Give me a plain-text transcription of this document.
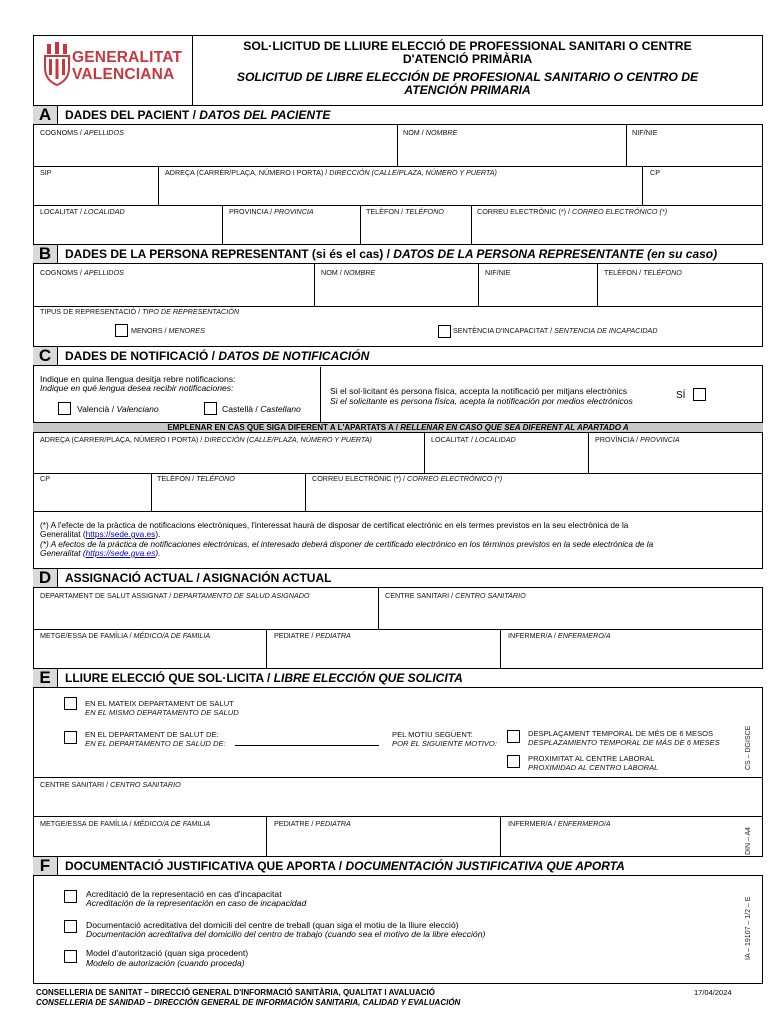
GENERALITAT
VALENCIANA
SOL·LICITUD DE LLIURE ELECCIÓ DE PROFESSIONAL SANITARI O CENTRE
D'ATENCIÓ PRIMÀRIA
SOLICITUD DE LIBRE ELECCIÓN DE PROFESIONAL SANITARIO O CENTRO DE
ATENCIÓN PRIMARIA
A	DADES DEL PACIENT / DATOS DEL PACIENTE
COGNOMS / APELLIDOS	NOM / NOMBRE	NIF/NIE
SIP	ADREÇA (CARRER/PLAÇA, NÚMERO I PORTA) / DIRECCIÓN (CALLE/PLAZA, NÚMERO Y PUERTA)	CP
LOCALITAT / LOCALIDAD	PROVINCIA / PROVINCIA	TELÈFON / TELÉFONO	CORREU ELECTRÒNIC (*) / CORREO ELECTRÓNICO (*)
B	DADES DE LA PERSONA REPRESENTANT (si és el cas) / DATOS DE LA PERSONA REPRESENTANTE (en su caso)
COGNOMS / APELLIDOS	NOM / NOMBRE	NIF/NIE	TELÈFON / TELÉFONO
TIPUS DE REPRESENTACIÓ / TIPO DE REPRESENTACIÓN
MENORS / MENORES	SENTÈNCIA D'INCAPACITAT / SENTENCIA DE INCAPACIDAD
C	DADES DE NOTIFICACIÓ / DATOS DE NOTIFICACIÓN
Indique en quina llengua desitja rebre notificacions:
Indique en qué lengua desea recibir notificaciones:
Valencià / Valenciano	Castellà / Castellano
Si el sol·licitant és persona física, accepta la notificació per mitjans electrònics
Si el solicitante es persona física, acepta la notificación por medios electrónicos	SÍ
EMPLENAR EN CAS QUE SIGA DIFERENT A L'APARTATS A / RELLENAR EN CASO QUE SEA DIFERENT AL APARTADO A
ADREÇA (CARRER/PLAÇA, NÚMERO I PORTA) / DIRECCIÓN (CALLE/PLAZA, NÚMERO Y PUERTA)	LOCALITAT / LOCALIDAD	PROVÍNCIA / PROVINCIA
CP	TELÈFON / TELÉFONO	CORREU ELECTRÒNIC (*) / CORREO ELECTRÓNICO (*)
(*) A l'efecte de la pràctica de notificacions electròniques, l'interessat haurà de disposar de certificat electrònic en els termes previstos en la seu electrònica de la
Generalitat (https://sede.gva.es).
(*) A efectos de la práctica de notificaciones electrónicas, el interesado deberá disponer de certificado electrónico en los términos previstos en la sede electrónica de la
Generalitat (https://sede.gva.es).
D	ASSIGNACIÓ ACTUAL / ASIGNACIÓN ACTUAL
DEPARTAMENT DE SALUT ASSIGNAT / DEPARTAMENTO DE SALUD ASIGNADO	CENTRE SANITARI / CENTRO SANITARIO
METGE/ESSA DE FAMÍLIA / MÉDICO/A DE FAMILIA	PEDIATRE / PEDIATRA	INFERMER/A / ENFERMERO/A
E	LLIURE ELECCIÓ QUE SOL·LICITA / LIBRE ELECCIÓN QUE SOLICITA
EN EL MATEIX DEPARTAMENT DE SALUT
EN EL MISMO DEPARTAMENTO DE SALUD
EN EL DEPARTAMENT DE SALUT DE:
EN EL DEPARTAMENTO DE SALUD DE:
PEL MOTIU SEGÜENT:
POR EL SIGUIENTE MOTIVO:
DESPLAÇAMENT TEMPORAL DE MÉS DE 6 MESOS
DESPLAZAMIENTO TEMPORAL DE MÁS DE 6 MESES
PROXIMITAT AL CENTRE LABORAL
PROXIMIDAD AL CENTRO LABORAL
CENTRE SANITARI / CENTRO SANITARIO
METGE/ESSA DE FAMÍLIA / MÉDICO/A DE FAMILIA	PEDIATRE / PEDIATRA	INFERMER/A / ENFERMERO/A
F	DOCUMENTACIÓ JUSTIFICATIVA QUE APORTA / DOCUMENTACIÓN JUSTIFICATIVA QUE APORTA
Acreditació de la representació en cas d'incapacitat
Acreditación de la representación en caso de incapacidad
Documentació acreditativa del domicili del centre de treball (quan siga el motiu de la lliure elecció)
Documentación acreditativa del domicilio del centro de trabajo (cuando sea el motivo de la libre elección)
Model d'autorització (quan siga procedent)
Modelo de autorización (cuando proceda)
CS – DGISCE
DIN – A4
IA – 19107 – 1/2 – E
CONSELLERIA DE SANITAT – DIRECCIÓ GENERAL D'INFORMACIÓ SANITÀRIA, QUALITAT I AVALUACIÓ
CONSELLERIA DE SANIDAD – DIRECCIÓN GENERAL DE INFORMACIÓN SANITARIA, CALIDAD Y EVALUACIÓN
17/04/2024
